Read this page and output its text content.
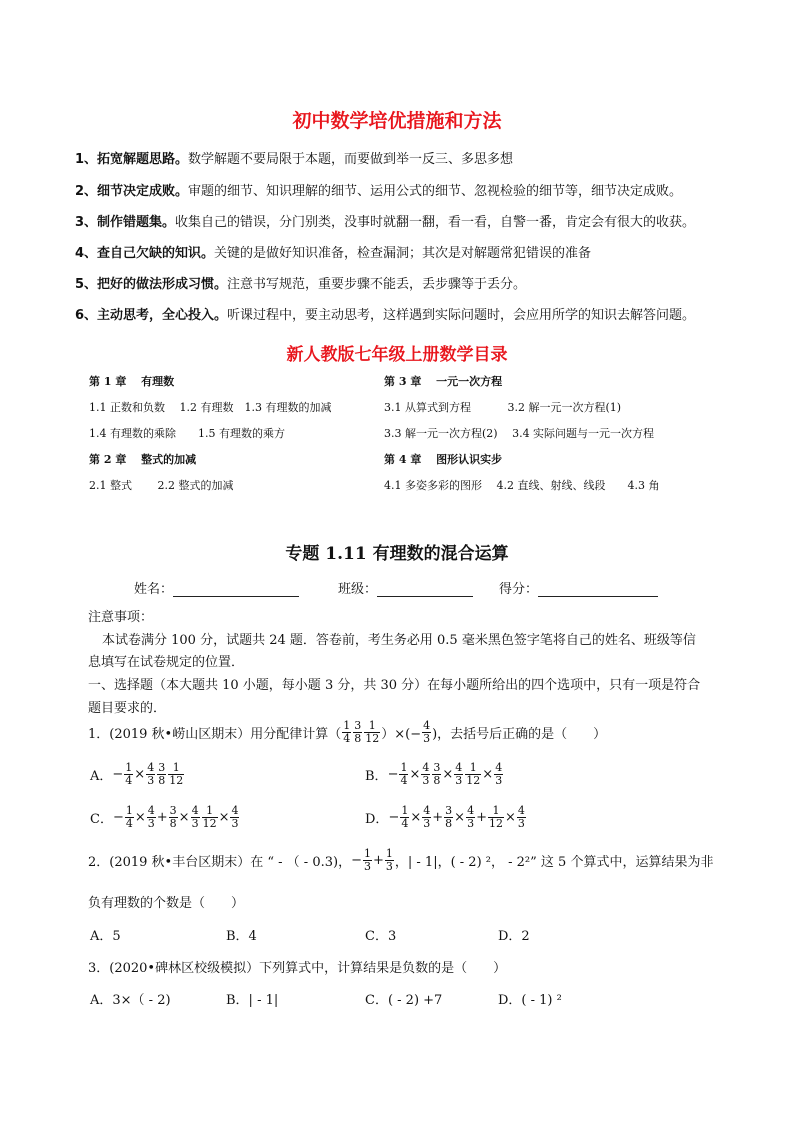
初中数学培优措施和方法
1、拓宽解题思路。数学解题不要局限于本题，而要做到举一反三、多思多想
2、细节决定成败。审题的细节、知识理解的细节、运用公式的细节、忽视检验的细节等，细节决定成败。
3、制作错题集。收集自己的错误，分门别类，没事时就翻一翻，看一看，自警一番，肯定会有很大的收获。
4、查自己欠缺的知识。关键的是做好知识准备，检查漏洞；其次是对解题常犯错误的准备
5、把好的做法形成习惯。注意书写规范，重要步骤不能丢，丢步骤等于丢分。
6、主动思考，全心投入。听课过程中，要主动思考，这样遇到实际问题时，会应用所学的知识去解答问题。
新人教版七年级上册数学目录
第 1 章　 有理数
1.1 正数和负数　 1.2 有理数　1.3 有理数的加减
1.4 有理数的乘除　　1.5 有理数的乘方
第 2 章　 整式的加减
2.1 整式　　 2.2 整式的加减
第 3 章　 一元一次方程
3.1 从算式到方程　　　 3.2 解一元一次方程(1)
3.3 解一元一次方程(2)　 3.4 实际问题与一元一次方程
第 4 章　 图形认识实步
4.1 多姿多彩的图形　 4.2 直线、射线、线段　　4.3 角
专题 1.11 有理数的混合运算
姓名：	班级：	得分：
注意事项：
本试卷满分 100 分，试题共 24 题．答卷前，考生务必用 0.5 毫米黑色签字笔将自己的姓名、班级等信
息填写在试卷规定的位置．
一、选择题（本大题共 10 小题，每小题 3 分，共 30 分）在每小题所给出的四个选项中，只有一项是符合
题目要求的．
1．(2019 秋•崂山区期末）用分配律计算（ $\frac{1}{4} \frac{3}{8} \frac{1}{12}$ ）×(− $\frac{4}{3}$ )，去括号后正确的是（　　）
A． − $\frac{1}{4} \times \frac{4}{3} \frac{3}{8} \frac{1}{12}$	B． − $\frac{1}{4} \times \frac{4}{3} \frac{3}{8} \times \frac{4}{3} \frac{1}{12} \times \frac{4}{3}$
C． − $\frac{1}{4} \times \frac{4}{3} + \frac{3}{8} \times \frac{4}{3} \frac{1}{12} \times \frac{4}{3}$	D． − $\frac{1}{4} \times \frac{4}{3} + \frac{3}{8} \times \frac{4}{3} + \frac{1}{12} \times \frac{4}{3}$
2．(2019 秋•丰台区期末）在 “ - （ - 0.3)， − $\frac{1}{3} + \frac{1}{3}$ ，| - 1|，( - 2) ²， - 2²” 这 5 个算式中，运算结果为非
负有理数的个数是（　　）
A．5	B．4	C．3	D．2
3．(2020•碑林区校级模拟）下列算式中，计算结果是负数的是（　　）
A．3×（ - 2)	B．| - 1|	C．( - 2) +7	D．( - 1) ²
